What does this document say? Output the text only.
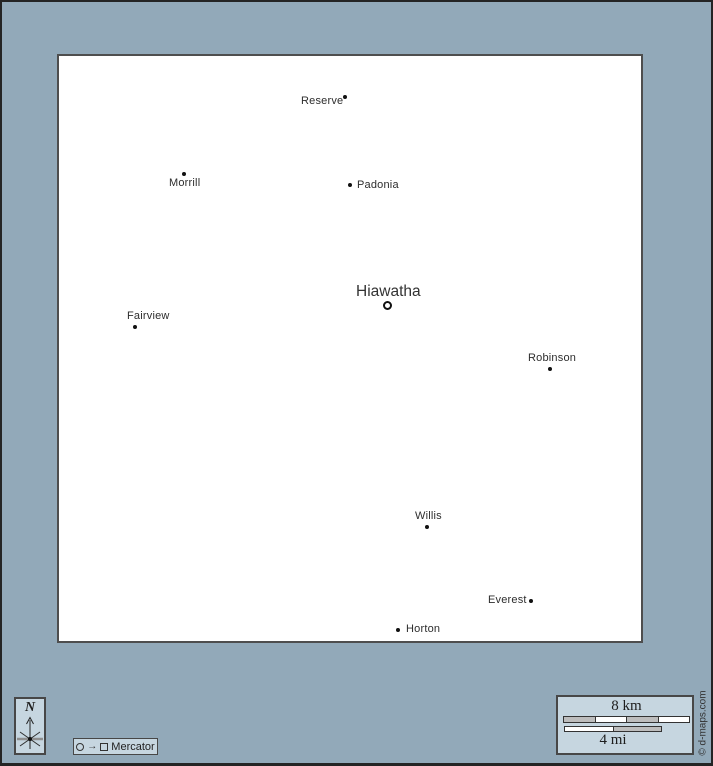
Reserve
Morrill	Padonia
Fairview
Robinson
Willis
Everest
Horton
Hiawatha
N
→ Mercator
8 km
4 mi	© d-maps.com
